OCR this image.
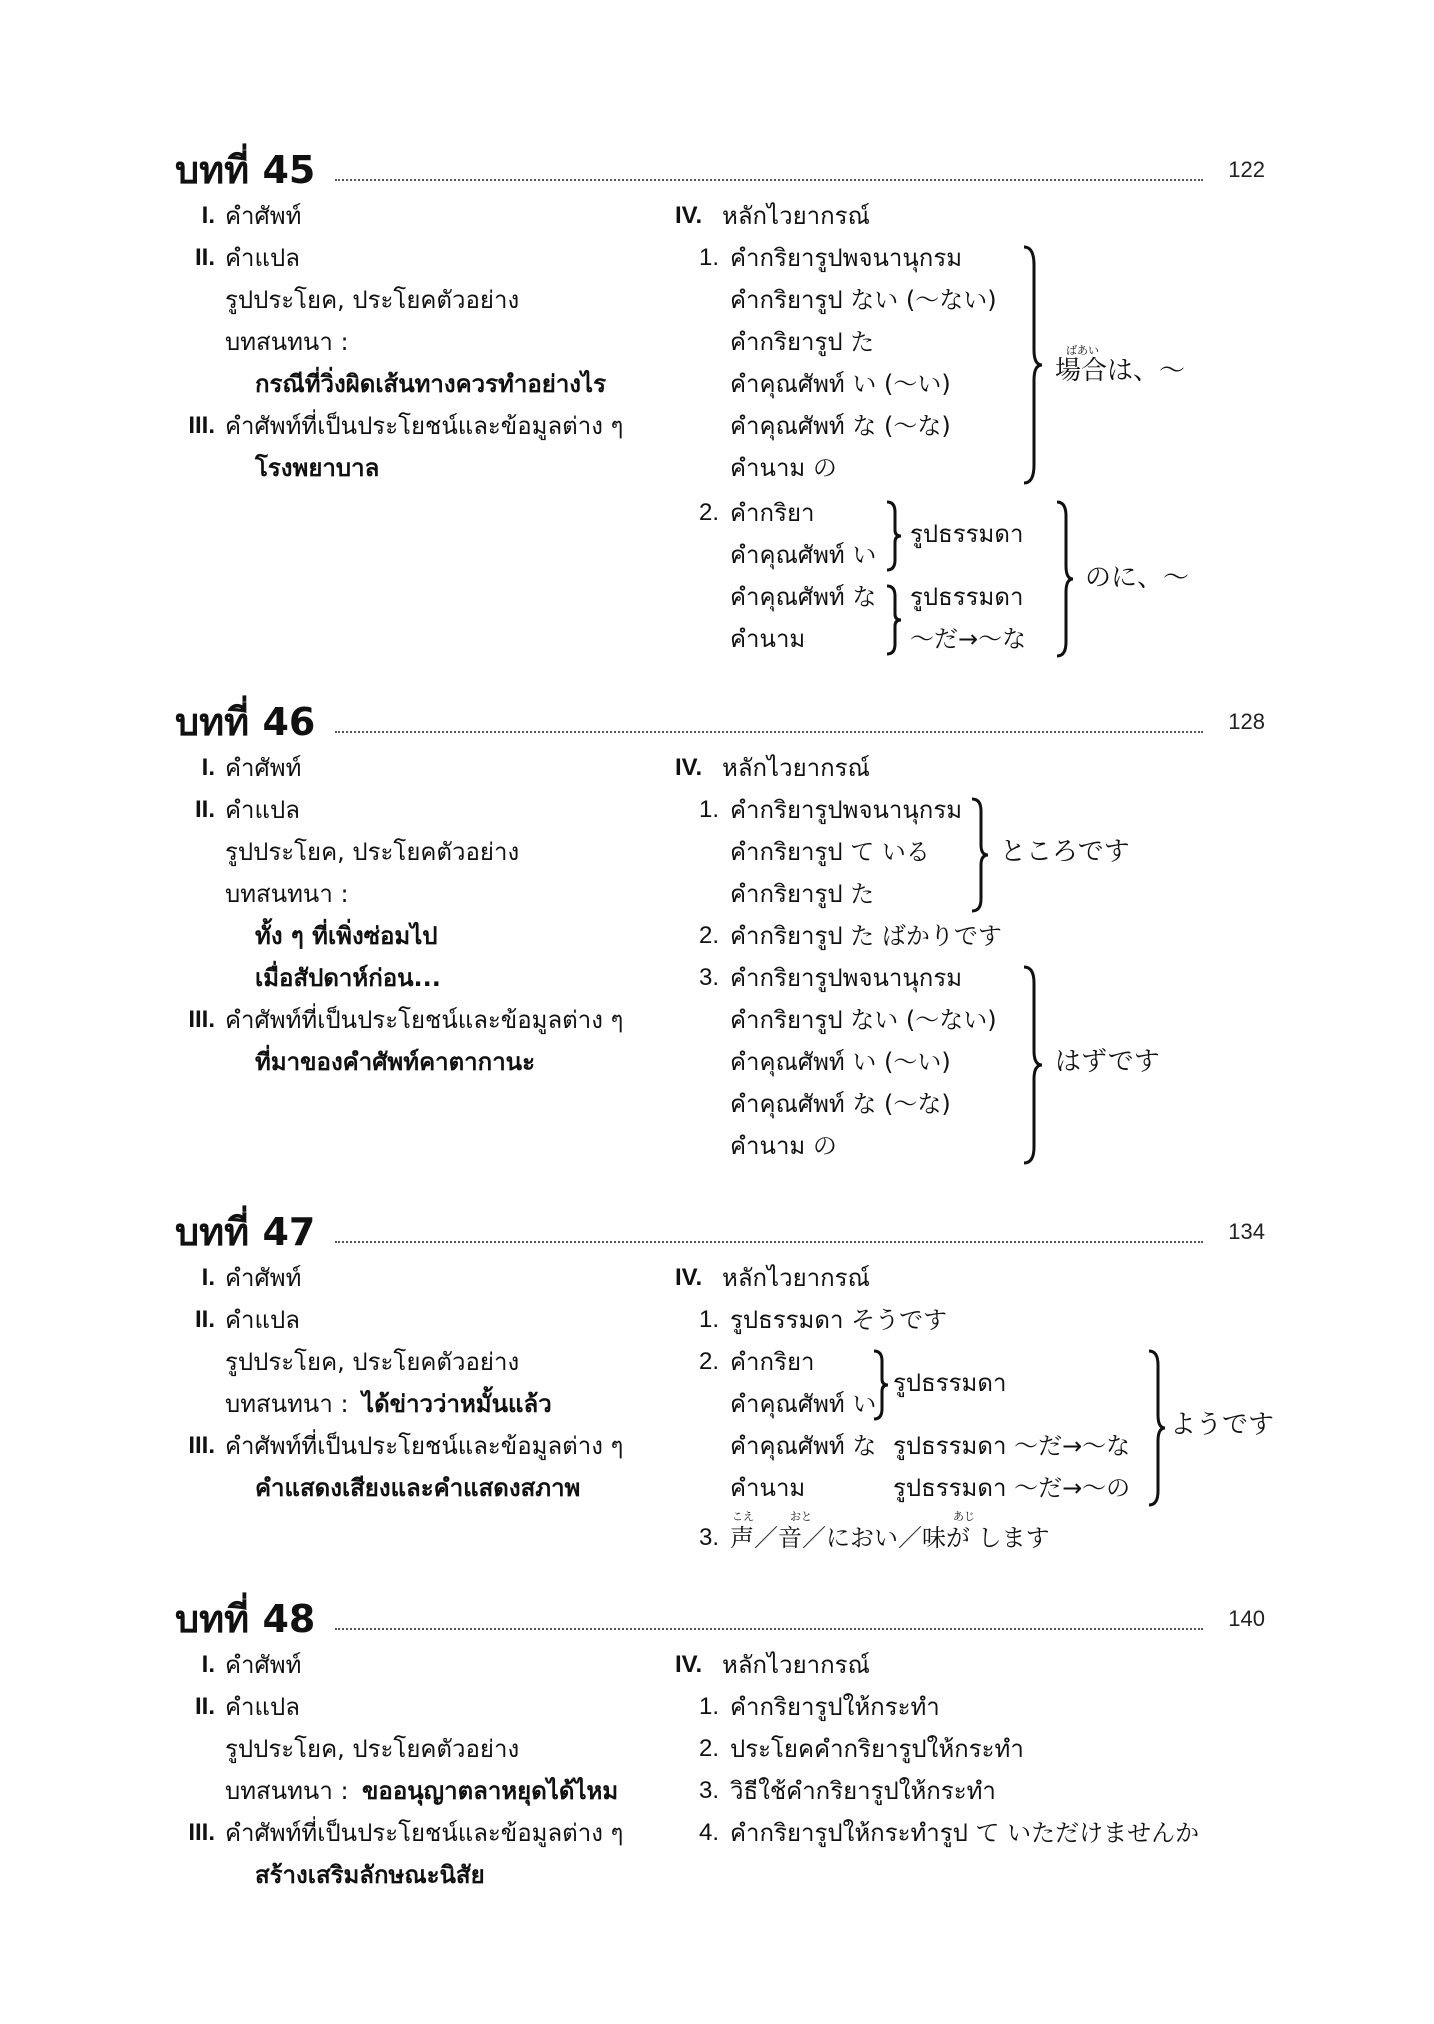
บทที่ 45	122
I. คำศัพท์
II. คำแปล
รูปประโยค, ประโยคตัวอย่าง
บทสนทนา :
กรณีที่วิ่งผิดเส้นทางควรทำอย่างไร
III. คำศัพท์ที่เป็นประโยชน์และข้อมูลต่าง ๆ
โรงพยาบาล
IV. หลักไวยากรณ์
1. คำกริยารูปพจนานุกรม
คำกริยารูป ない (～ない)
คำกริยารูป た
คำคุณศัพท์ い (～い)
คำคุณศัพท์ な (～な)
คำนาม の
ばあい
場合は、～
2. คำกริยา
คำคุณศัพท์ い
รูปธรรมดา
คำคุณศัพท์ な
คำนาม
รูปธรรมดา
～だ→～な
のに、～
บทที่ 46	128
I. คำศัพท์
II. คำแปล
รูปประโยค, ประโยคตัวอย่าง
บทสนทนา :
ทั้ง ๆ ที่เพิ่งซ่อมไป
เมื่อสัปดาห์ก่อน...
III. คำศัพท์ที่เป็นประโยชน์และข้อมูลต่าง ๆ
ที่มาของคำศัพท์คาตากานะ
IV. หลักไวยากรณ์
1. คำกริยารูปพจนานุกรม
คำกริยารูป て いる
คำกริยารูป た
ところです
2. คำกริยารูป た ばかりです
3. คำกริยารูปพจนานุกรม
คำกริยารูป ない (～ない)
คำคุณศัพท์ い (～い)
คำคุณศัพท์ な (～な)
คำนาม の
はずです
บทที่ 47	134
I. คำศัพท์
II. คำแปล
รูปประโยค, ประโยคตัวอย่าง
บทสนทนา : ได้ข่าวว่าหมั้นแล้ว
III. คำศัพท์ที่เป็นประโยชน์และข้อมูลต่าง ๆ
คำแสดงเสียงและคำแสดงสภาพ
IV. หลักไวยากรณ์
1. รูปธรรมดา そうです
2. คำกริยา
คำคุณศัพท์ い
รูปธรรมดา
คำคุณศัพท์ な รูปธรรมดา ～だ→～な
คำนาม	รูปธรรมดา ～だ→～の
ようです
3.
こえ	おと	あじ
声／音／におい／味が します
บทที่ 48	140
I. คำศัพท์
II. คำแปล
รูปประโยค, ประโยคตัวอย่าง
บทสนทนา : ขออนุญาตลาหยุดได้ไหม
III. คำศัพท์ที่เป็นประโยชน์และข้อมูลต่าง ๆ
สร้างเสริมลักษณะนิสัย
IV. หลักไวยากรณ์
1. คำกริยารูปให้กระทำ
2. ประโยคคำกริยารูปให้กระทำ
3. วิธีใช้คำกริยารูปให้กระทำ
4. คำกริยารูปให้กระทำรูป て いただけませんか
